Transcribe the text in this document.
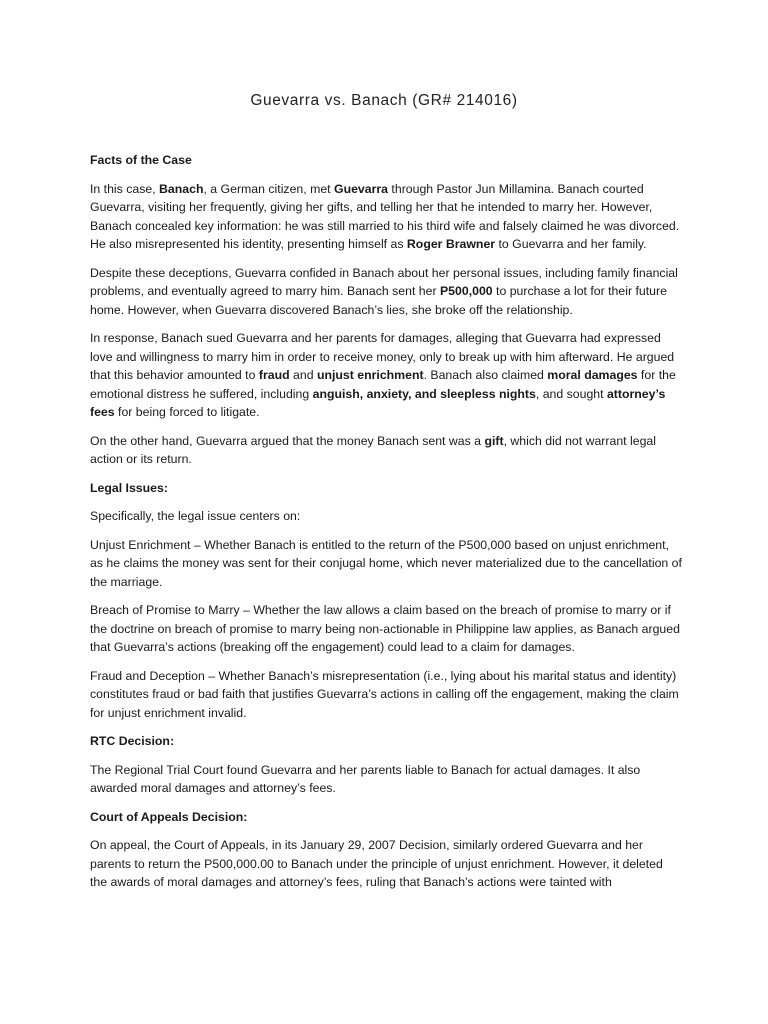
Guevarra vs. Banach (GR# 214016)
Facts of the Case

In this case, Banach, a German citizen, met Guevarra through Pastor Jun Millamina. Banach courted Guevarra, visiting her frequently, giving her gifts, and telling her that he intended to marry her. However, Banach concealed key information: he was still married to his third wife and falsely claimed he was divorced. He also misrepresented his identity, presenting himself as Roger Brawner to Guevarra and her family.

Despite these deceptions, Guevarra confided in Banach about her personal issues, including family financial problems, and eventually agreed to marry him. Banach sent her P500,000 to purchase a lot for their future home. However, when Guevarra discovered Banach’s lies, she broke off the relationship.

In response, Banach sued Guevarra and her parents for damages, alleging that Guevarra had expressed love and willingness to marry him in order to receive money, only to break up with him afterward. He argued that this behavior amounted to fraud and unjust enrichment. Banach also claimed moral damages for the emotional distress he suffered, including anguish, anxiety, and sleepless nights, and sought attorney’s fees for being forced to litigate.

On the other hand, Guevarra argued that the money Banach sent was a gift, which did not warrant legal action or its return.

Legal Issues:

Specifically, the legal issue centers on:

Unjust Enrichment – Whether Banach is entitled to the return of the P500,000 based on unjust enrichment, as he claims the money was sent for their conjugal home, which never materialized due to the cancellation of the marriage.

Breach of Promise to Marry – Whether the law allows a claim based on the breach of promise to marry or if the doctrine on breach of promise to marry being non-actionable in Philippine law applies, as Banach argued that Guevarra’s actions (breaking off the engagement) could lead to a claim for damages.

Fraud and Deception – Whether Banach’s misrepresentation (i.e., lying about his marital status and identity) constitutes fraud or bad faith that justifies Guevarra’s actions in calling off the engagement, making the claim for unjust enrichment invalid.

RTC Decision:

The Regional Trial Court found Guevarra and her parents liable to Banach for actual damages. It also awarded moral damages and attorney’s fees.

Court of Appeals Decision:

On appeal, the Court of Appeals, in its January 29, 2007 Decision, similarly ordered Guevarra and her parents to return the P500,000.00 to Banach under the principle of unjust enrichment. However, it deleted the awards of moral damages and attorney’s fees, ruling that Banach’s actions were tainted with
